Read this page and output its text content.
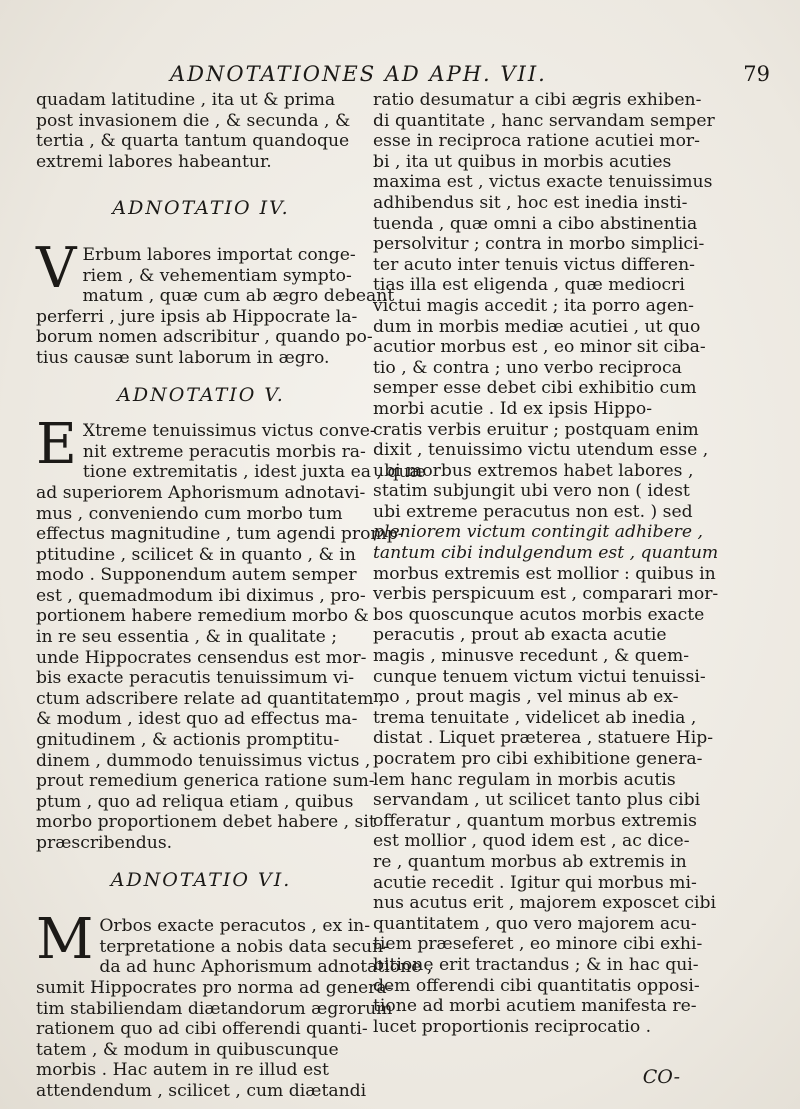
ADNOTATIONES AD APH. VII.	79
quadam latitudine , ita ut & prima
post invasionem die , & secunda , &
tertia , & quarta tantum quandoque
extremi labores habeantur.
ADNOTATIO IV.
V Erbum labores importat conge-
riem , & vehementiam sympto-
matum , quæ cum ab ægro debeant
perferri , jure ipsis ab Hippocrate la-
borum nomen adscribitur , quando po-
tius causæ sunt laborum in ægro.
ADNOTATIO V.
E Xtreme tenuissimus victus conve-
nit extreme peracutis morbis ra-
tione extremitatis , idest juxta ea , quæ
ad superiorem Aphorismum adnotavi-
mus , conveniendo cum morbo tum
effectus magnitudine , tum agendi promp-
ptitudine , scilicet & in quanto , & in
modo . Supponendum autem semper
est , quemadmodum ibi diximus , pro-
portionem habere remedium morbo &
in re seu essentia , & in qualitate ;
unde Hippocrates censendus est mor-
bis exacte peracutis tenuissimum vi-
ctum adscribere relate ad quantitatem ,
& modum , idest quo ad effectus ma-
gnitudinem , & actionis promptitu-
dinem , dummodo tenuissimus victus ,
prout remedium generica ratione sum-
ptum , quo ad reliqua etiam , quibus
morbo proportionem debet habere , sit
præscribendus.
ADNOTATIO VI.
M Orbos exacte peracutos , ex in-
terpretatione a nobis data secun-
da ad hunc Aphorismum adnotatione ,
sumit Hippocrates pro norma ad genera-
tim stabiliendam diætandorum ægrorum
rationem quo ad cibi offerendi quanti-
tatem , & modum in quibuscunque
morbis . Hac autem in re illud est
attendendum , scilicet , cum diætandi
ratio desumatur a cibi ægris exhiben-
di quantitate , hanc servandam semper
esse in reciproca ratione acutiei mor-
bi , ita ut quibus in morbis acuties
maxima est , victus exacte tenuissimus
adhibendus sit , hoc est inedia insti-
tuenda , quæ omni a cibo abstinentia
persolvitur ; contra in morbo simplici-
ter acuto inter tenuis victus differen-
tias illa est eligenda , quæ mediocri
victui magis accedit ; ita porro agen-
dum in morbis mediæ acutiei , ut quo
acutior morbus est , eo minor sit ciba-
tio , & contra ; uno verbo reciproca
semper esse debet cibi exhibitio cum
morbi acutie . Id ex ipsis Hippo-
cratis verbis eruitur ; postquam enim
dixit , tenuissimo victu utendum esse ,
ubi morbus extremos habet labores ,
statim subjungit ubi vero non ( idest
ubi extreme peracutus non est. ) sed
pleniorem victum contingit adhibere ,
tantum cibi indulgendum est , quantum
morbus extremis est mollior : quibus in
verbis perspicuum est , comparari mor-
bos quoscunque acutos morbis exacte
peracutis , prout ab exacta acutie
magis , minusve recedunt , & quem-
cunque tenuem victum victui tenuissi-
mo , prout magis , vel minus ab ex-
trema tenuitate , videlicet ab inedia ,
distat . Liquet præterea , statuere Hip-
pocratem pro cibi exhibitione genera-
lem hanc regulam in morbis acutis
servandam , ut scilicet tanto plus cibi
offeratur , quantum morbus extremis
est mollior , quod idem est , ac dice-
re , quantum morbus ab extremis in
acutie recedit . Igitur qui morbus mi-
nus acutus erit , majorem exposcet cibi
quantitatem , quo vero majorem acu-
tiem præseferet , eo minore cibi exhi-
bitione erit tractandus ; & in hac qui-
dem offerendi cibi quantitatis opposi-
tione ad morbi acutiem manifesta re-
lucet proportionis reciprocatio .
CO-
